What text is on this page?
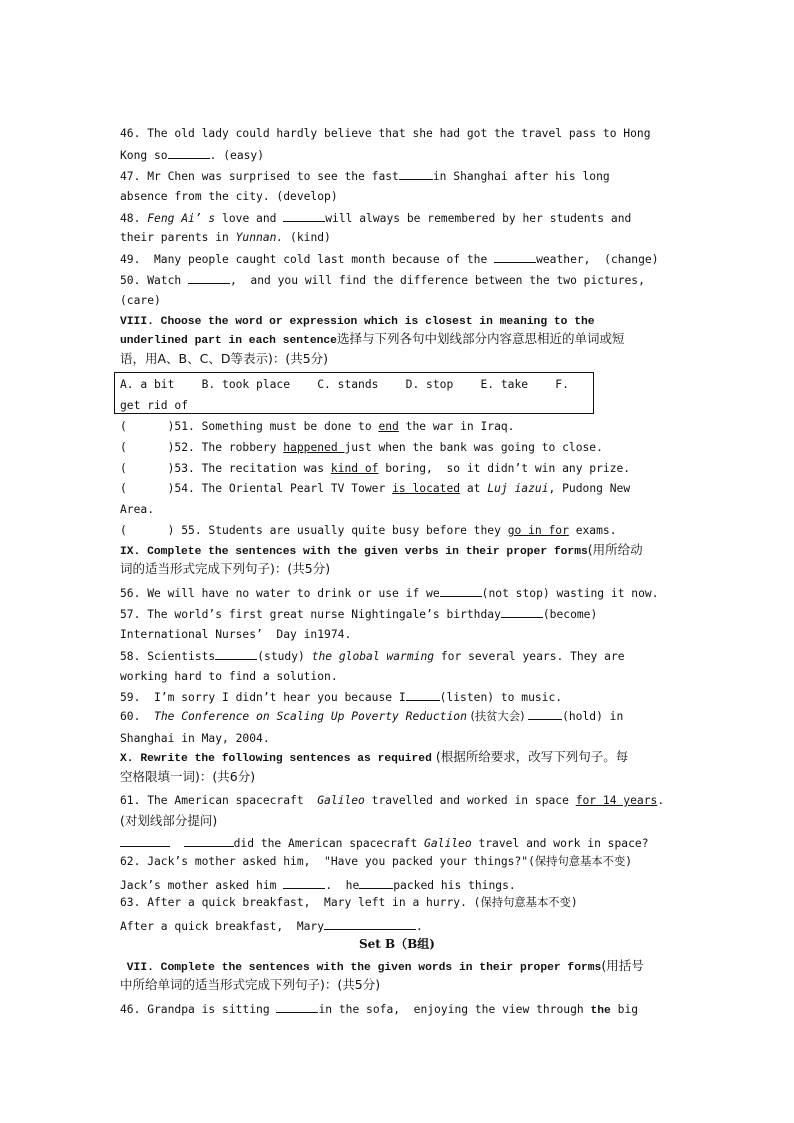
46. The old lady could hardly believe that she had got the travel pass to Hong
Kong so	. (easy)
47. Mr Chen was surprised to see the fast	in Shanghai after his long
absence from the city. (develop)
48. Feng Ai’ s love and	will always be remembered by her students and
their parents in Yunnan. (kind)
49.  Many people caught cold last month because of the	weather,  (change)
50. Watch	,  and you will find the difference between the two pictures,
(care)
VIII. Choose the word or expression which is closest in meaning to the
underlined part in each sentence选择与下列各句中划线部分内容意思相近的单词或短
语，用A、B、C、D等表示)：(共5分)
A. a bit    B. took place    C. stands    D. stop    E. take    F.
get rid of
(      )51. Something must be done to end the war in Iraq.
(      )52. The robbery happened just when the bank was going to close.
(      )53. The recitation was kind of boring,  so it didn’t win any prize.
(      )54. The Oriental Pearl TV Tower is located at Luj iazui, Pudong New
Area.
(      ) 55. Students are usually quite busy before they go in for exams.
IX. Complete the sentences with the given verbs in their proper forms(用所给动
词的适当形式完成下列句子)：(共5分)
56. We will have no water to drink or use if we	(not stop) wasting it now.
57. The world’s first great nurse Nightingale’s birthday	(become)
International Nurses’  Day in1974.
58. Scientists	(study) the global warming for several years. They are
working hard to find a solution.
59.  I’m sorry I didn’t hear you because I	(listen) to music.
60.  The Conference on Scaling Up Poverty Reduction (扶贫大会)	(hold) in
Shanghai in May, 2004.
X. Rewrite the following sentences as required (根据所给要求，改写下列句子。每
空格限填一词)：(共6分)
61. The American spacecraft  Galileo travelled and worked in space for 14 years.
(对划线部分提问)
did the American spacecraft Galileo travel and work in space?
62. Jack’s mother asked him,  "Have you packed your things?"(保持句意基本不变)
Jack’s mother asked him	.  he	packed his things.
63. After a quick breakfast,  Mary left in a hurry. (保持句意基本不变)
After a quick breakfast,  Mary	.
Set B（B组)
VII. Complete the sentences with the given words in their proper forms(用括号
中所给单词的适当形式完成下列句子)：(共5分)
46. Grandpa is sitting	in the sofa,  enjoying the view through the big
